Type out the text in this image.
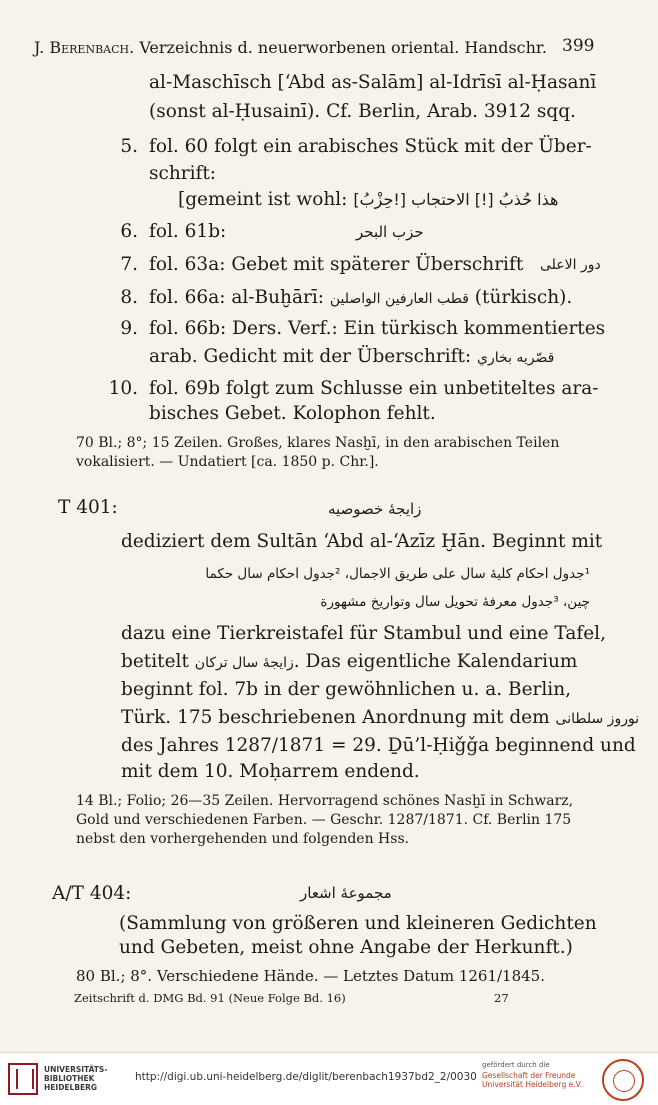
J. Berenbach. Verzeichnis d. neuerworbenen oriental. Handschr. 399
al-Maschīsch [‘Abd as-Salām] al-Idrīsī al-Ḥasanī
(sonst al-Ḥusainī). Cf. Berlin, Arab. 3912 sqq.
5. fol. 60 folgt ein arabisches Stück mit der Über-
schrift:
[gemeint ist wohl: هذا حُذبُ [!] الاحتجاب [!حِزْبُ]
6. fol. 61b:	حزب البحر
7. fol. 63a: Gebet mit späterer Überschrift دور الاعلى
8. fol. 66a: al-Buḫārī: قطب العارفين الواصلين (türkisch).
9. fol. 66b: Ders. Verf.: Ein türkisch kommentiertes
arab. Gedicht mit der Überschrift: قصّريه بخاري
10. fol. 69b folgt zum Schlusse ein unbetiteltes ara-
bisches Gebet. Kolophon fehlt.
70 Bl.; 8°; 15 Zeilen. Großes, klares Nasḫī, in den arabischen Teilen
vokalisiert. — Undatiert [ca. 1850 p. Chr.].
T 401:	زايجهٔ خصوصيه
dediziert dem Sultān ‘Abd al-‘Azīz Ḫān. Beginnt mit
¹جدول احكام كليهٔ سال على طريق الاجمال، ²جدول احكام سال حكما
چين، ³جدول معرفهٔ تحويل سال وتواريخ مشهورة
dazu eine Tierkreistafel für Stambul und eine Tafel,
betitelt زايجهٔ سال تركان. Das eigentliche Kalendarium
beginnt fol. 7b in der gewöhnlichen u. a. Berlin,
Türk. 175 beschriebenen Anordnung mit dem نوروز سلطانى
des Jahres 1287/1871 = 29. Ḏū’l-Ḥiǧǧa beginnend und
mit dem 10. Moḥarrem endend.
14 Bl.; Folio; 26—35 Zeilen. Hervorragend schönes Nasḫī in Schwarz,
Gold und verschiedenen Farben. — Geschr. 1287/1871. Cf. Berlin 175
nebst den vorhergehenden und folgenden Hss.
A/T 404:	مجموعهٔ اشعار
(Sammlung von größeren und kleineren Gedichten
und Gebeten, meist ohne Angabe der Herkunft.)
80 Bl.; 8°. Verschiedene Hände. — Letztes Datum 1261/1845.
Zeitschrift d. DMG Bd. 91 (Neue Folge Bd. 16)	27
UNIVERSITÄTS-
BIBLIOTHEK
HEIDELBERG
http://digi.ub.uni-heidelberg.de/diglit/berenbach1937bd2_2/0030
gefördert durch die
Gesellschaft der Freunde
Universität Heidelberg e.V.
